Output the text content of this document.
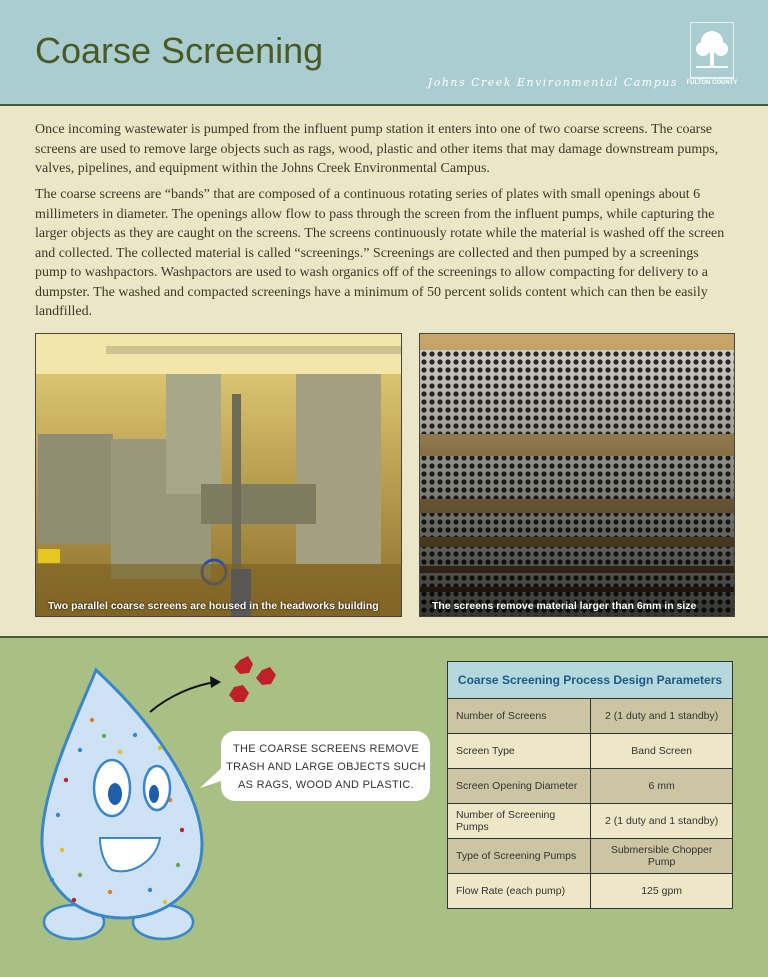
Coarse Screening
Johns Creek Environmental Campus FULTON COUNTY

Once incoming wastewater is pumped from the influent pump station it enters into one of two coarse screens. The coarse screens are used to remove large objects such as rags, wood, plastic and other items that may damage downstream pumps, valves, pipelines, and equipment within the Johns Creek Environmental Campus.

The coarse screens are “bands” that are composed of a continuous rotating series of plates with small openings about 6 millimeters in diameter. The openings allow flow to pass through the screen from the influent pumps, while capturing the larger objects as they are caught on the screens. The screens continuously rotate while the material is washed off the screen and collected. The collected material is called “screenings.” Screenings are collected and then pumped by a screenings pump to washpactors. Washpactors are used to wash organics off of the screenings to allow compacting for delivery to a dumpster. The washed and compacted screenings have a minimum of 50 percent solids content which can then be easily landfilled.

Two parallel coarse screens are housed in the headworks building	The screens remove material larger than 6mm in size
THE COARSE SCREENS REMOVE TRASH AND LARGE OBJECTS SUCH AS RAGS, WOOD AND PLASTIC.
Coarse Screening Process Design Parameters	
Number of Screens	2 (1 duty and 1 standby)
Screen Type	Band Screen
Screen Opening Diameter	6 mm
Number of Screening Pumps	2 (1 duty and 1 standby)
Type of Screening Pumps	Submersible Chopper Pump
Flow Rate (each pump)	125 gpm
